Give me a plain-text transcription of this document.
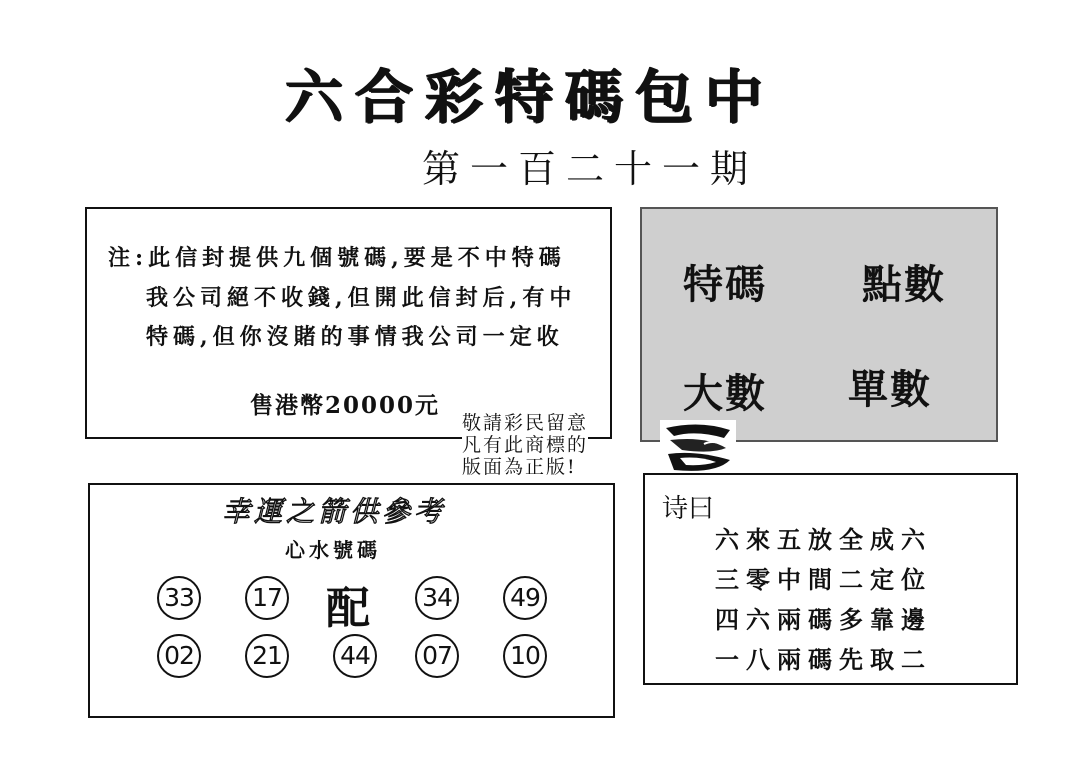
六合彩特碼包中
第一百二十一期
注:此信封提供九個號碼,要是不中特碼
我公司絕不收錢,但開此信封后,有中
特碼,但你沒賭的事情我公司一定收
售港幣20000元
特碼 點數
大數 單數
敬請彩民留意
凡有此商標的
版面為正版!
幸運之箭供參考
心水號碼
33 17 配 34 49
02 21 44 07 10
诗曰
六來五放全成六
三零中間二定位
四六兩碼多靠邊
一八兩碼先取二
